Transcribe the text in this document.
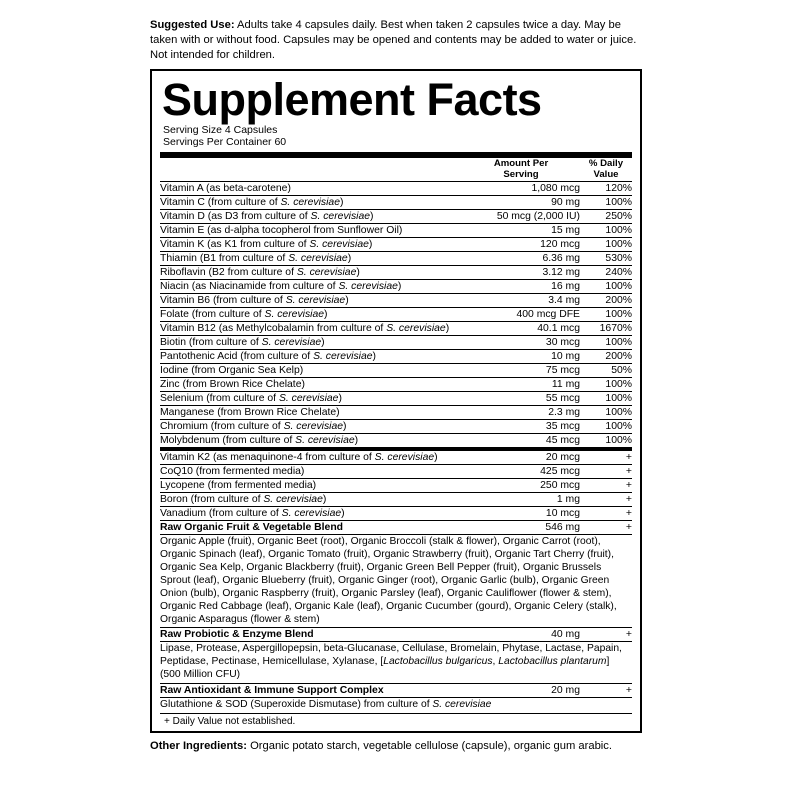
Suggested Use: Adults take 4 capsules daily. Best when taken 2 capsules twice a day. May be taken with or without food. Capsules may be opened and contents may be added to water or juice. Not intended for children.

Supplement Facts
Serving Size 4 Capsules
Servings Per Container 60

Amount Per
Serving

% Daily
Value
Vitamin A (as beta-carotene)	1,080 mcg	120%
Vitamin C (from culture of S. cerevisiae)	90 mg	100%
Vitamin D (as D3 from culture of S. cerevisiae)	50 mcg (2,000 IU)	250%
Vitamin E (as d-alpha tocopherol from Sunflower Oil)	15 mg	100%
Vitamin K (as K1 from culture of S. cerevisiae)	120 mcg	100%
Thiamin (B1 from culture of S. cerevisiae)	6.36 mg	530%
Riboflavin (B2 from culture of S. cerevisiae)	3.12 mg	240%
Niacin (as Niacinamide from culture of S. cerevisiae)	16 mg	100%
Vitamin B6 (from culture of S. cerevisiae)	3.4 mg	200%
Folate (from culture of S. cerevisiae)	400 mcg DFE	100%
Vitamin B12 (as Methylcobalamin from culture of S. cerevisiae)	40.1 mcg	1670%
Biotin (from culture of S. cerevisiae)	30 mcg	100%
Pantothenic Acid (from culture of S. cerevisiae)	10 mg	200%
Iodine (from Organic Sea Kelp)	75 mcg	50%
Zinc (from Brown Rice Chelate)	11 mg	100%
Selenium (from culture of S. cerevisiae)	55 mcg	100%
Manganese (from Brown Rice Chelate)	2.3 mg	100%
Chromium (from culture of S. cerevisiae)	35 mcg	100%
Molybdenum (from culture of S. cerevisiae)	45 mcg	100%
Vitamin K2 (as menaquinone-4 from culture of S. cerevisiae)	20 mcg	+
CoQ10 (from fermented media)	425 mcg	+
Lycopene (from fermented media)	250 mcg	+
Boron (from culture of S. cerevisiae)	1 mg	+
Vanadium (from culture of S. cerevisiae)	10 mcg	+
Raw Organic Fruit & Vegetable Blend	546 mg	+
Organic Apple (fruit), Organic Beet (root), Organic Broccoli (stalk & flower), Organic Carrot (root), Organic Spinach (leaf), Organic Tomato (fruit), Organic Strawberry (fruit), Organic Tart Cherry (fruit), Organic Sea Kelp, Organic Blackberry (fruit), Organic Green Bell Pepper (fruit), Organic Brussels Sprout (leaf), Organic Blueberry (fruit), Organic Ginger (root), Organic Garlic (bulb), Organic Green Onion (bulb), Organic Raspberry (fruit), Organic Parsley (leaf), Organic Cauliflower (flower & stem), Organic Red Cabbage (leaf), Organic Kale (leaf), Organic Cucumber (gourd), Organic Celery (stalk), Organic Asparagus (flower & stem)
Raw Probiotic & Enzyme Blend	40 mg	+
Lipase, Protease, Aspergillopepsin, beta-Glucanase, Cellulase, Bromelain, Phytase, Lactase, Papain, Peptidase, Pectinase, Hemicellulase, Xylanase, [Lactobacillus bulgaricus, Lactobacillus plantarum] (500 Million CFU)
Raw Antioxidant & Immune Support Complex	20 mg	+
Glutathione & SOD (Superoxide Dismutase) from culture of S. cerevisiae
+ Daily Value not established.

Other Ingredients: Organic potato starch, vegetable cellulose (capsule), organic gum arabic.
